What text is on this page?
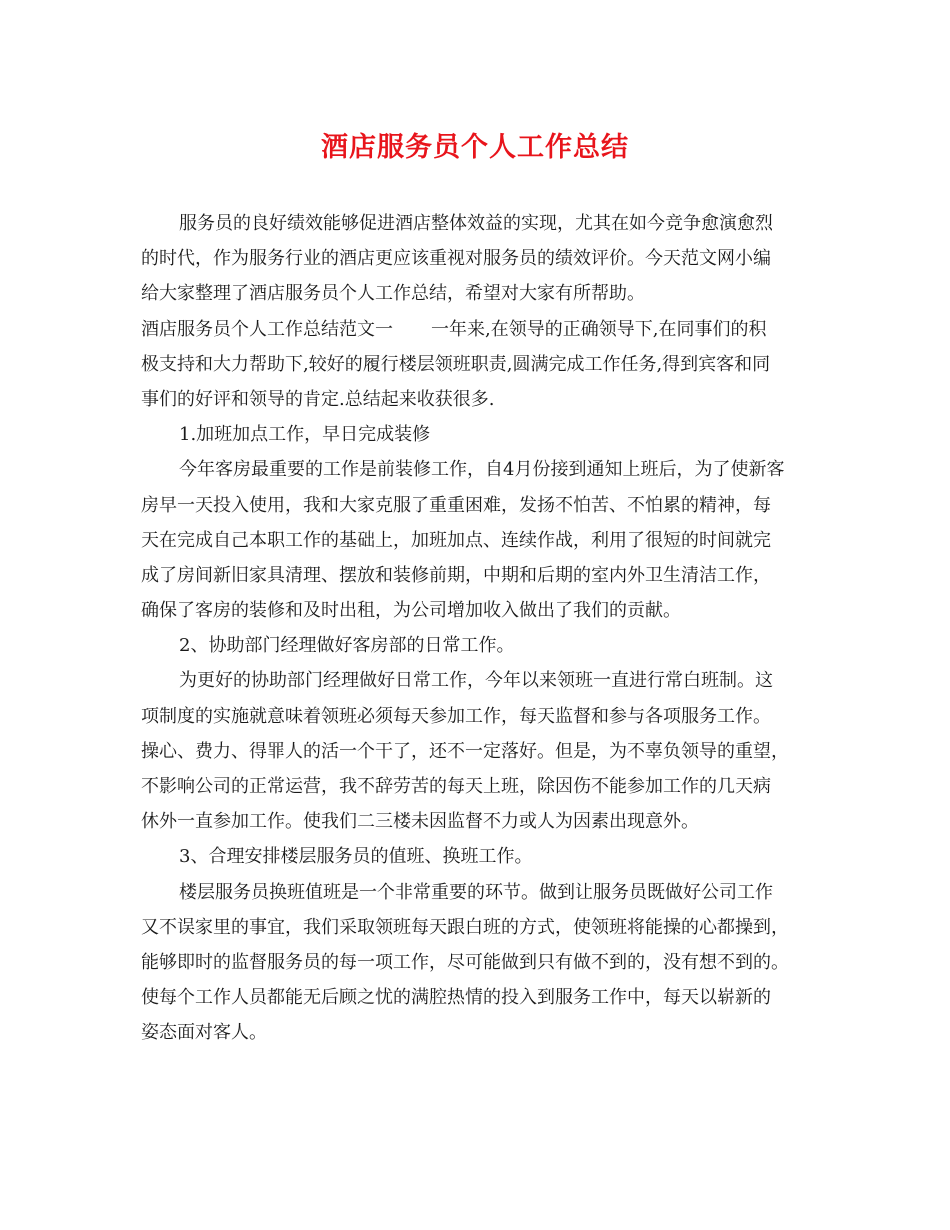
酒店服务员个人工作总结
服务员的良好绩效能够促进酒店整体效益的实现，尤其在如今竞争愈演愈烈
的时代，作为服务行业的酒店更应该重视对服务员的绩效评价。今天范文网小编
给大家整理了酒店服务员个人工作总结，希望对大家有所帮助。
酒店服务员个人工作总结范文一 一年来,在领导的正确领导下,在同事们的积
极支持和大力帮助下,较好的履行楼层领班职责,圆满完成工作任务,得到宾客和同
事们的好评和领导的肯定.总结起来收获很多.
1.加班加点工作，早日完成装修
今年客房最重要的工作是前装修工作，自4月份接到通知上班后，为了使新客
房早一天投入使用，我和大家克服了重重困难，发扬不怕苦、不怕累的精神，每
天在完成自己本职工作的基础上，加班加点、连续作战，利用了很短的时间就完
成了房间新旧家具清理、摆放和装修前期，中期和后期的室内外卫生清洁工作，
确保了客房的装修和及时出租，为公司增加收入做出了我们的贡献。
2、协助部门经理做好客房部的日常工作。
为更好的协助部门经理做好日常工作，今年以来领班一直进行常白班制。这
项制度的实施就意味着领班必须每天参加工作，每天监督和参与各项服务工作。
操心、费力、得罪人的活一个干了，还不一定落好。但是，为不辜负领导的重望，
不影响公司的正常运营，我不辞劳苦的每天上班，除因伤不能参加工作的几天病
休外一直参加工作。使我们二三楼未因监督不力或人为因素出现意外。
3、合理安排楼层服务员的值班、换班工作。
楼层服务员换班值班是一个非常重要的环节。做到让服务员既做好公司工作
又不误家里的事宜，我们采取领班每天跟白班的方式，使领班将能操的心都操到，
能够即时的监督服务员的每一项工作，尽可能做到只有做不到的，没有想不到的。
使每个工作人员都能无后顾之忧的满腔热情的投入到服务工作中，每天以崭新的
姿态面对客人。
